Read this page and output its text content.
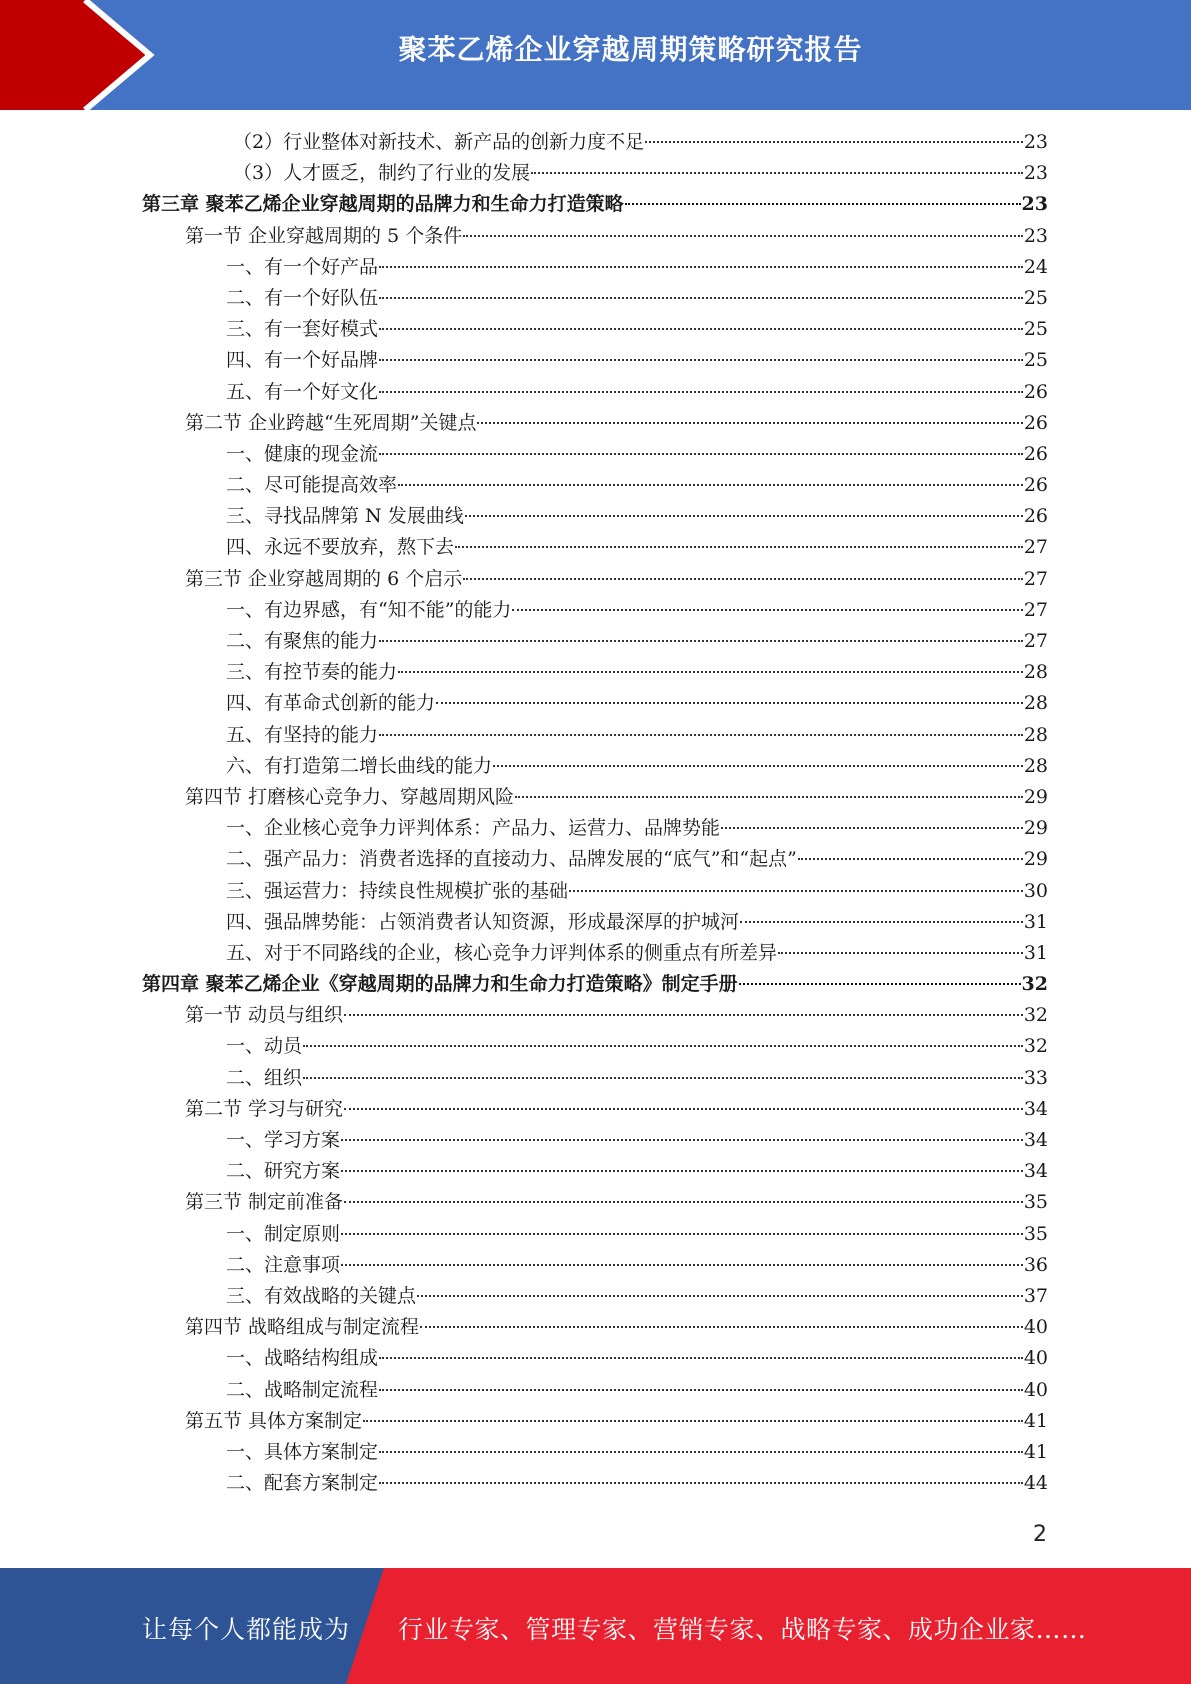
聚苯乙烯企业穿越周期策略研究报告
（2）行业整体对新技术、新产品的创新力度不足	23
（3）人才匮乏，制约了行业的发展	23
第三章 聚苯乙烯企业穿越周期的品牌力和生命力打造策略	23
第一节 企业穿越周期的 5 个条件	23
一、有一个好产品	24
二、有一个好队伍	25
三、有一套好模式	25
四、有一个好品牌	25
五、有一个好文化	26
第二节 企业跨越“生死周期”关键点	26
一、健康的现金流	26
二、尽可能提高效率	26
三、寻找品牌第 N 发展曲线	26
四、永远不要放弃，熬下去	27
第三节 企业穿越周期的 6 个启示	27
一、有边界感，有“知不能”的能力	27
二、有聚焦的能力	27
三、有控节奏的能力	28
四、有革命式创新的能力	28
五、有坚持的能力	28
六、有打造第二增长曲线的能力	28
第四节 打磨核心竞争力、穿越周期风险	29
一、企业核心竞争力评判体系：产品力、运营力、品牌势能	29
二、强产品力：消费者选择的直接动力、品牌发展的“底气”和“起点”	29
三、强运营力：持续良性规模扩张的基础	30
四、强品牌势能：占领消费者认知资源，形成最深厚的护城河	31
五、对于不同路线的企业，核心竞争力评判体系的侧重点有所差异	31
第四章 聚苯乙烯企业《穿越周期的品牌力和生命力打造策略》制定手册	32
第一节 动员与组织	32
一、动员	32
二、组织	33
第二节 学习与研究	34
一、学习方案	34
二、研究方案	34
第三节 制定前准备	35
一、制定原则	35
二、注意事项	36
三、有效战略的关键点	37
第四节 战略组成与制定流程	40
一、战略结构组成	40
二、战略制定流程	40
第五节 具体方案制定	41
一、具体方案制定	41
二、配套方案制定	44
2
让每个人都能成为 行业专家、管理专家、营销专家、战略专家、成功企业家……
